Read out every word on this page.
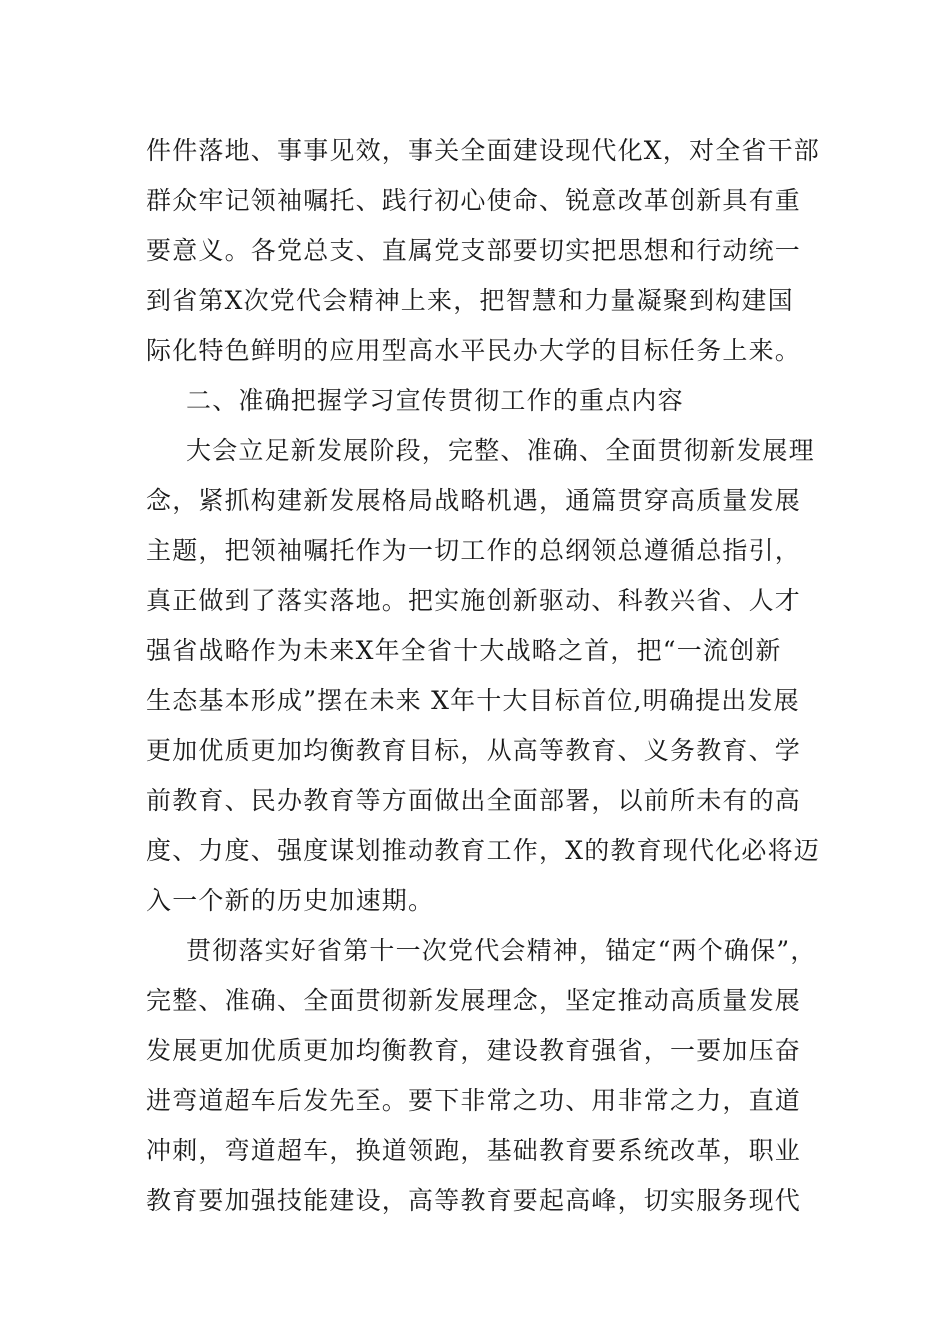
件件落地、事事见效，事关全面建设现代化X，对全省干部
群众牢记领袖嘱托、践行初心使命、锐意改革创新具有重
要意义。各党总支、直属党支部要切实把思想和行动统一
到省第X次党代会精神上来，把智慧和力量凝聚到构建国
际化特色鲜明的应用型高水平民办大学的目标任务上来。
二、准确把握学习宣传贯彻工作的重点内容
大会立足新发展阶段，完整、准确、全面贯彻新发展理
念，紧抓构建新发展格局战略机遇，通篇贯穿高质量发展
主题，把领袖嘱托作为一切工作的总纲领总遵循总指引，
真正做到了落实落地。把实施创新驱动、科教兴省、人才
强省战略作为未来X年全省十大战略之首，把“一流创新
生态基本形成”摆在未来 X年十大目标首位,明确提出发展
更加优质更加均衡教育目标，从高等教育、义务教育、学
前教育、民办教育等方面做出全面部署，以前所未有的高
度、力度、强度谋划推动教育工作，X的教育现代化必将迈
入一个新的历史加速期。
贯彻落实好省第十一次党代会精神，锚定“两个确保”，
完整、准确、全面贯彻新发展理念，坚定推动高质量发展
发展更加优质更加均衡教育，建设教育强省，一要加压奋
进弯道超车后发先至。要下非常之功、用非常之力，直道
冲刺，弯道超车，换道领跑，基础教育要系统改革，职业
教育要加强技能建设，高等教育要起高峰，切实服务现代
